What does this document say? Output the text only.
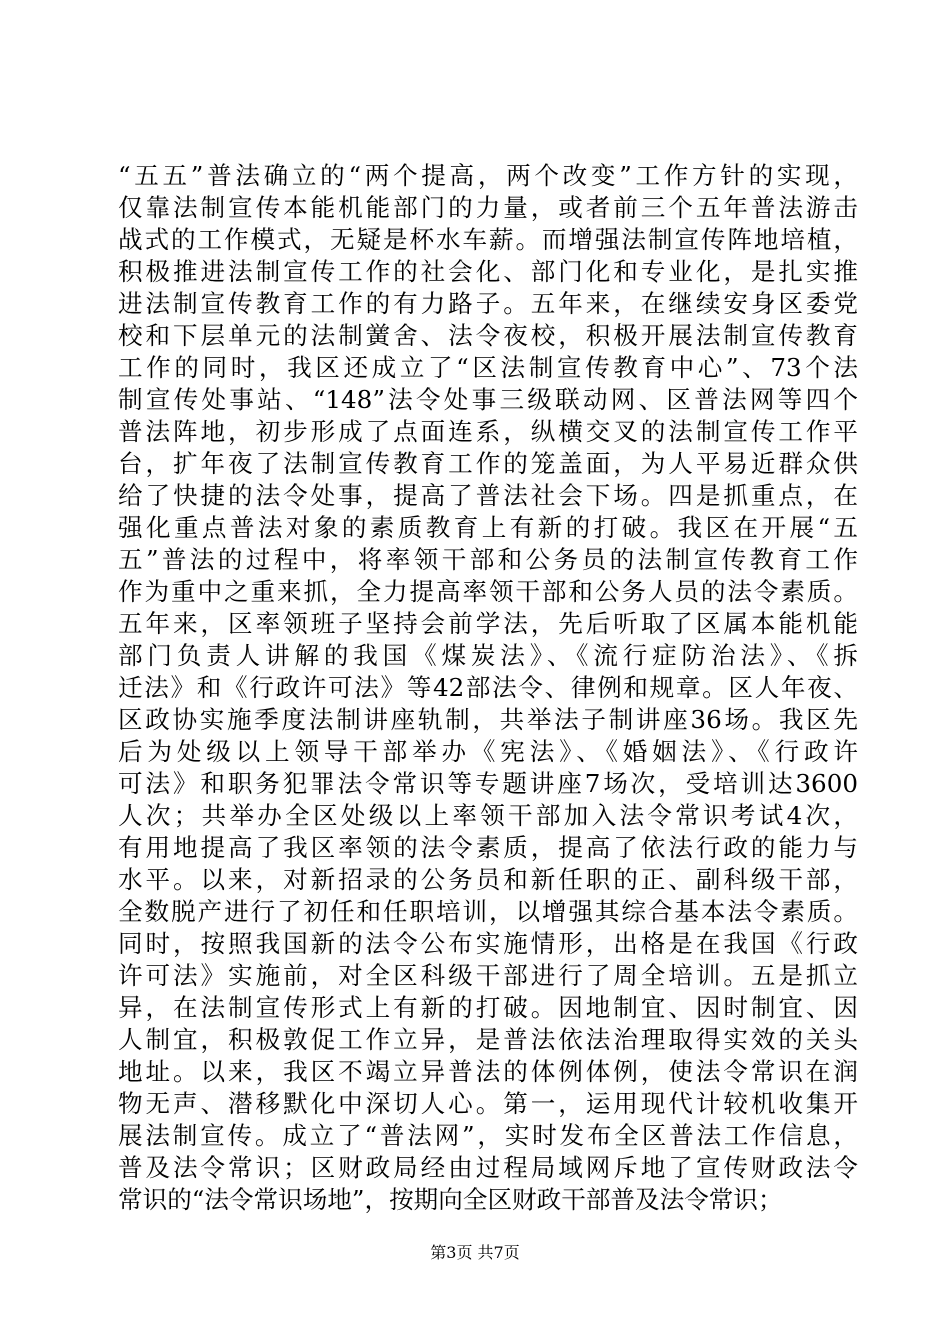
“五五”普法确立的“两个提高，两个改变”工作方针的实现，
仅靠法制宣传本能机能部门的力量，或者前三个五年普法游击
战式的工作模式，无疑是杯水车薪。而增强法制宣传阵地培植，
积极推进法制宣传工作的社会化、部门化和专业化，是扎实推
进法制宣传教育工作的有力路子。五年来，在继续安身区委党
校和下层单元的法制黉舍、法令夜校，积极开展法制宣传教育
工作的同时，我区还成立了“区法制宣传教育中心”、73个法
制宣传处事站、“148”法令处事三级联动网、区普法网等四个
普法阵地，初步形成了点面连系，纵横交叉的法制宣传工作平
台，扩年夜了法制宣传教育工作的笼盖面，为人平易近群众供
给了快捷的法令处事，提高了普法社会下场。四是抓重点，在
强化重点普法对象的素质教育上有新的打破。我区在开展“五
五”普法的过程中，将率领干部和公务员的法制宣传教育工作
作为重中之重来抓，全力提高率领干部和公务人员的法令素质。
五年来，区率领班子坚持会前学法，先后听取了区属本能机能
部门负责人讲解的我国《煤炭法》、《流行症防治法》、《拆
迁法》和《行政许可法》等42部法令、律例和规章。区人年夜、
区政协实施季度法制讲座轨制，共举法子制讲座36场。我区先
后为处级以上领导干部举办《宪法》、《婚姻法》、《行政许
可法》和职务犯罪法令常识等专题讲座7场次，受培训达3600
人次；共举办全区处级以上率领干部加入法令常识考试4次，
有用地提高了我区率领的法令素质，提高了依法行政的能力与
水平。以来，对新招录的公务员和新任职的正、副科级干部，
全数脱产进行了初任和任职培训，以增强其综合基本法令素质。
同时，按照我国新的法令公布实施情形，出格是在我国《行政
许可法》实施前，对全区科级干部进行了周全培训。五是抓立
异，在法制宣传形式上有新的打破。因地制宜、因时制宜、因
人制宜，积极敦促工作立异，是普法依法治理取得实效的关头
地址。以来，我区不竭立异普法的体例体例，使法令常识在润
物无声、潜移默化中深切人心。第一，运用现代计较机收集开
展法制宣传。成立了“普法网”，实时发布全区普法工作信息，
普及法令常识；区财政局经由过程局域网斥地了宣传财政法令
常识的“法令常识场地”，按期向全区财政干部普及法令常识；
第3页 共7页
